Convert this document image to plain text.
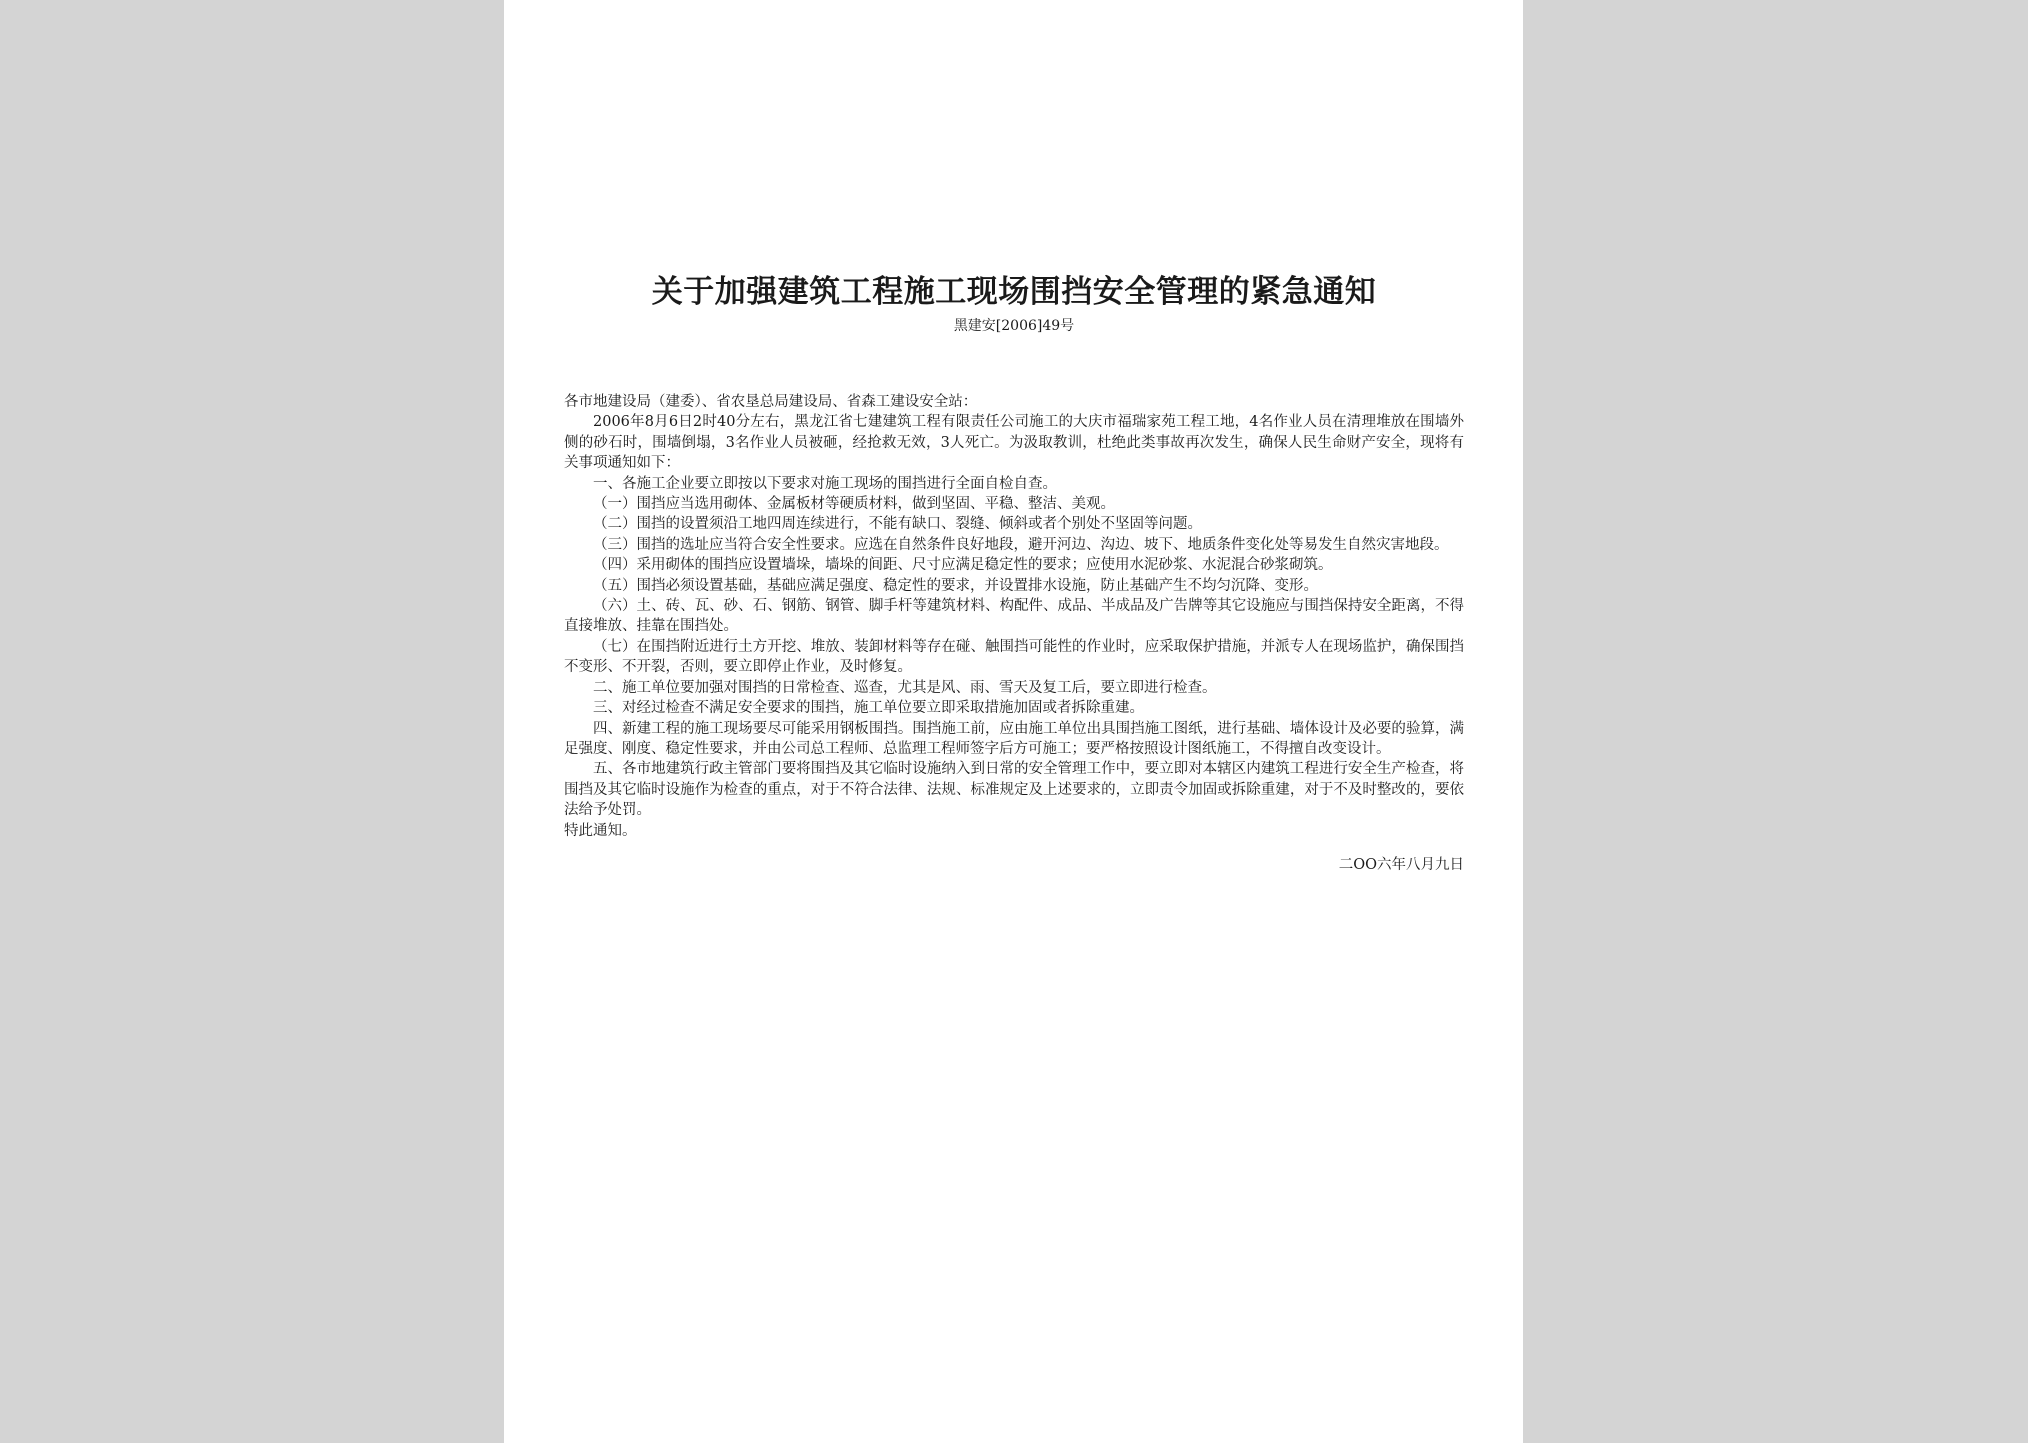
关于加强建筑工程施工现场围挡安全管理的紧急通知

黑建安[2006]49号

各市地建设局（建委）、省农垦总局建设局、省森工建设安全站：

2006年8月6日2时40分左右，黑龙江省七建建筑工程有限责任公司施工的大庆市福瑞家苑工程工地，4名作业人员在清理堆放在围墙外侧的砂石时，围墙倒塌，3名作业人员被砸，经抢救无效，3人死亡。为汲取教训，杜绝此类事故再次发生，确保人民生命财产安全，现将有关事项通知如下：

一、各施工企业要立即按以下要求对施工现场的围挡进行全面自检自查。

（一）围挡应当选用砌体、金属板材等硬质材料，做到坚固、平稳、整洁、美观。

（二）围挡的设置须沿工地四周连续进行，不能有缺口、裂缝、倾斜或者个别处不坚固等问题。

（三）围挡的选址应当符合安全性要求。应选在自然条件良好地段，避开河边、沟边、坡下、地质条件变化处等易发生自然灾害地段。

（四）采用砌体的围挡应设置墙垛，墙垛的间距、尺寸应满足稳定性的要求；应使用水泥砂浆、水泥混合砂浆砌筑。

（五）围挡必须设置基础，基础应满足强度、稳定性的要求，并设置排水设施，防止基础产生不均匀沉降、变形。

（六）土、砖、瓦、砂、石、钢筋、钢管、脚手杆等建筑材料、构配件、成品、半成品及广告牌等其它设施应与围挡保持安全距离，不得直接堆放、挂靠在围挡处。

（七）在围挡附近进行土方开挖、堆放、装卸材料等存在碰、触围挡可能性的作业时，应采取保护措施，并派专人在现场监护，确保围挡不变形、不开裂，否则，要立即停止作业，及时修复。

二、施工单位要加强对围挡的日常检查、巡查，尤其是风、雨、雪天及复工后，要立即进行检查。

三、对经过检查不满足安全要求的围挡，施工单位要立即采取措施加固或者拆除重建。

四、新建工程的施工现场要尽可能采用钢板围挡。围挡施工前，应由施工单位出具围挡施工图纸，进行基础、墙体设计及必要的验算，满足强度、刚度、稳定性要求，并由公司总工程师、总监理工程师签字后方可施工；要严格按照设计图纸施工，不得擅自改变设计。

五、各市地建筑行政主管部门要将围挡及其它临时设施纳入到日常的安全管理工作中，要立即对本辖区内建筑工程进行安全生产检查，将围挡及其它临时设施作为检查的重点，对于不符合法律、法规、标准规定及上述要求的，立即责令加固或拆除重建，对于不及时整改的，要依法给予处罚。

特此通知。

二OO六年八月九日
